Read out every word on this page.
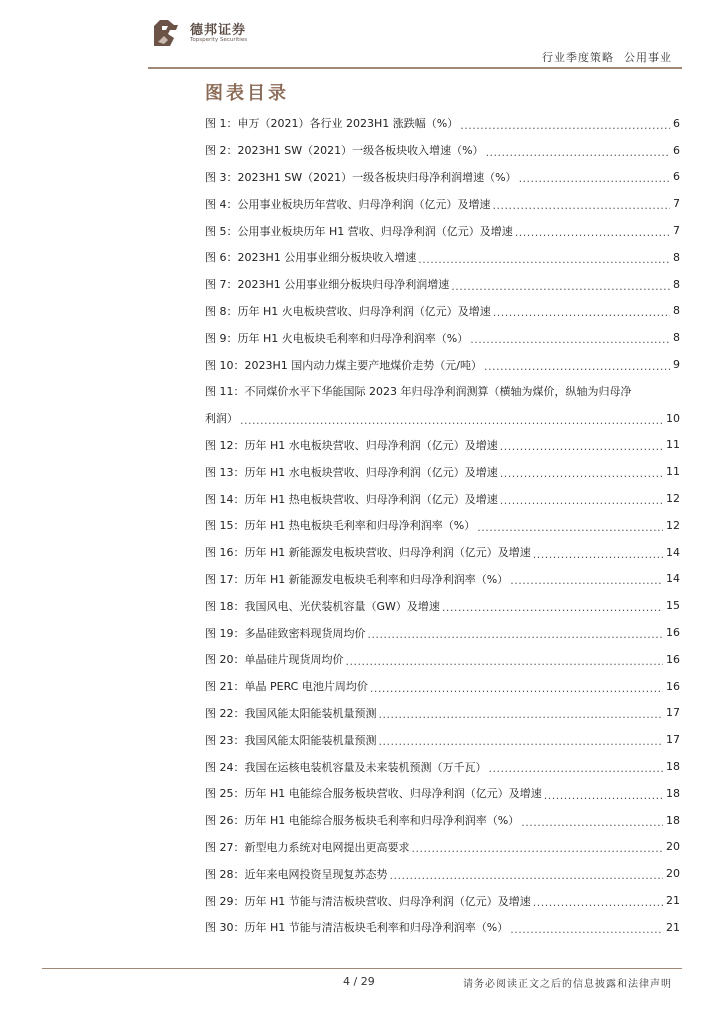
德邦证券
Topsperity Securities
行业季度策略 公用事业
图表目录
图 1：申万（2021）各行业 2023H1 涨跌幅（%） .....	6
图 2：2023H1 SW（2021）一级各板块收入增速（%） .....	6
图 3：2023H1 SW（2021）一级各板块归母净利润增速（%） .....	6
图 4：公用事业板块历年营收、归母净利润（亿元）及增速 .....	7
图 5：公用事业板块历年 H1 营收、归母净利润（亿元）及增速 .....	7
图 6：2023H1 公用事业细分板块收入增速 .....	8
图 7：2023H1 公用事业细分板块归母净利润增速 .....	8
图 8：历年 H1 火电板块营收、归母净利润（亿元）及增速 .....	8
图 9：历年 H1 火电板块毛利率和归母净利润率（%） .....	8
图 10：2023H1 国内动力煤主要产地煤价走势（元/吨） .....	9
图 11：不同煤价水平下华能国际 2023 年归母净利润测算（横轴为煤价，纵轴为归母净
利润） .....	10
图 12：历年 H1 水电板块营收、归母净利润（亿元）及增速 .....	11
图 13：历年 H1 水电板块营收、归母净利润（亿元）及增速 .....	11
图 14：历年 H1 热电板块营收、归母净利润（亿元）及增速 .....	12
图 15：历年 H1 热电板块毛利率和归母净利润率（%） .....	12
图 16：历年 H1 新能源发电板块营收、归母净利润（亿元）及增速 .....	14
图 17：历年 H1 新能源发电板块毛利率和归母净利润率（%） .....	14
图 18：我国风电、光伏装机容量（GW）及增速 .....	15
图 19：多晶硅致密料现货周均价 .....	16
图 20：单晶硅片现货周均价 .....	16
图 21：单晶 PERC 电池片周均价 .....	16
图 22：我国风能太阳能装机量预测 .....	17
图 23：我国风能太阳能装机量预测 .....	17
图 24：我国在运核电装机容量及未来装机预测（万千瓦） .....	18
图 25：历年 H1 电能综合服务板块营收、归母净利润（亿元）及增速 .....	18
图 26：历年 H1 电能综合服务板块毛利率和归母净利润率（%） .....	18
图 27：新型电力系统对电网提出更高要求 .....	20
图 28：近年来电网投资呈现复苏态势 .....	20
图 29：历年 H1 节能与清洁板块营收、归母净利润（亿元）及增速 .....	21
图 30：历年 H1 节能与清洁板块毛利率和归母净利润率（%） .....	21
4 / 29	请务必阅读正文之后的信息披露和法律声明
